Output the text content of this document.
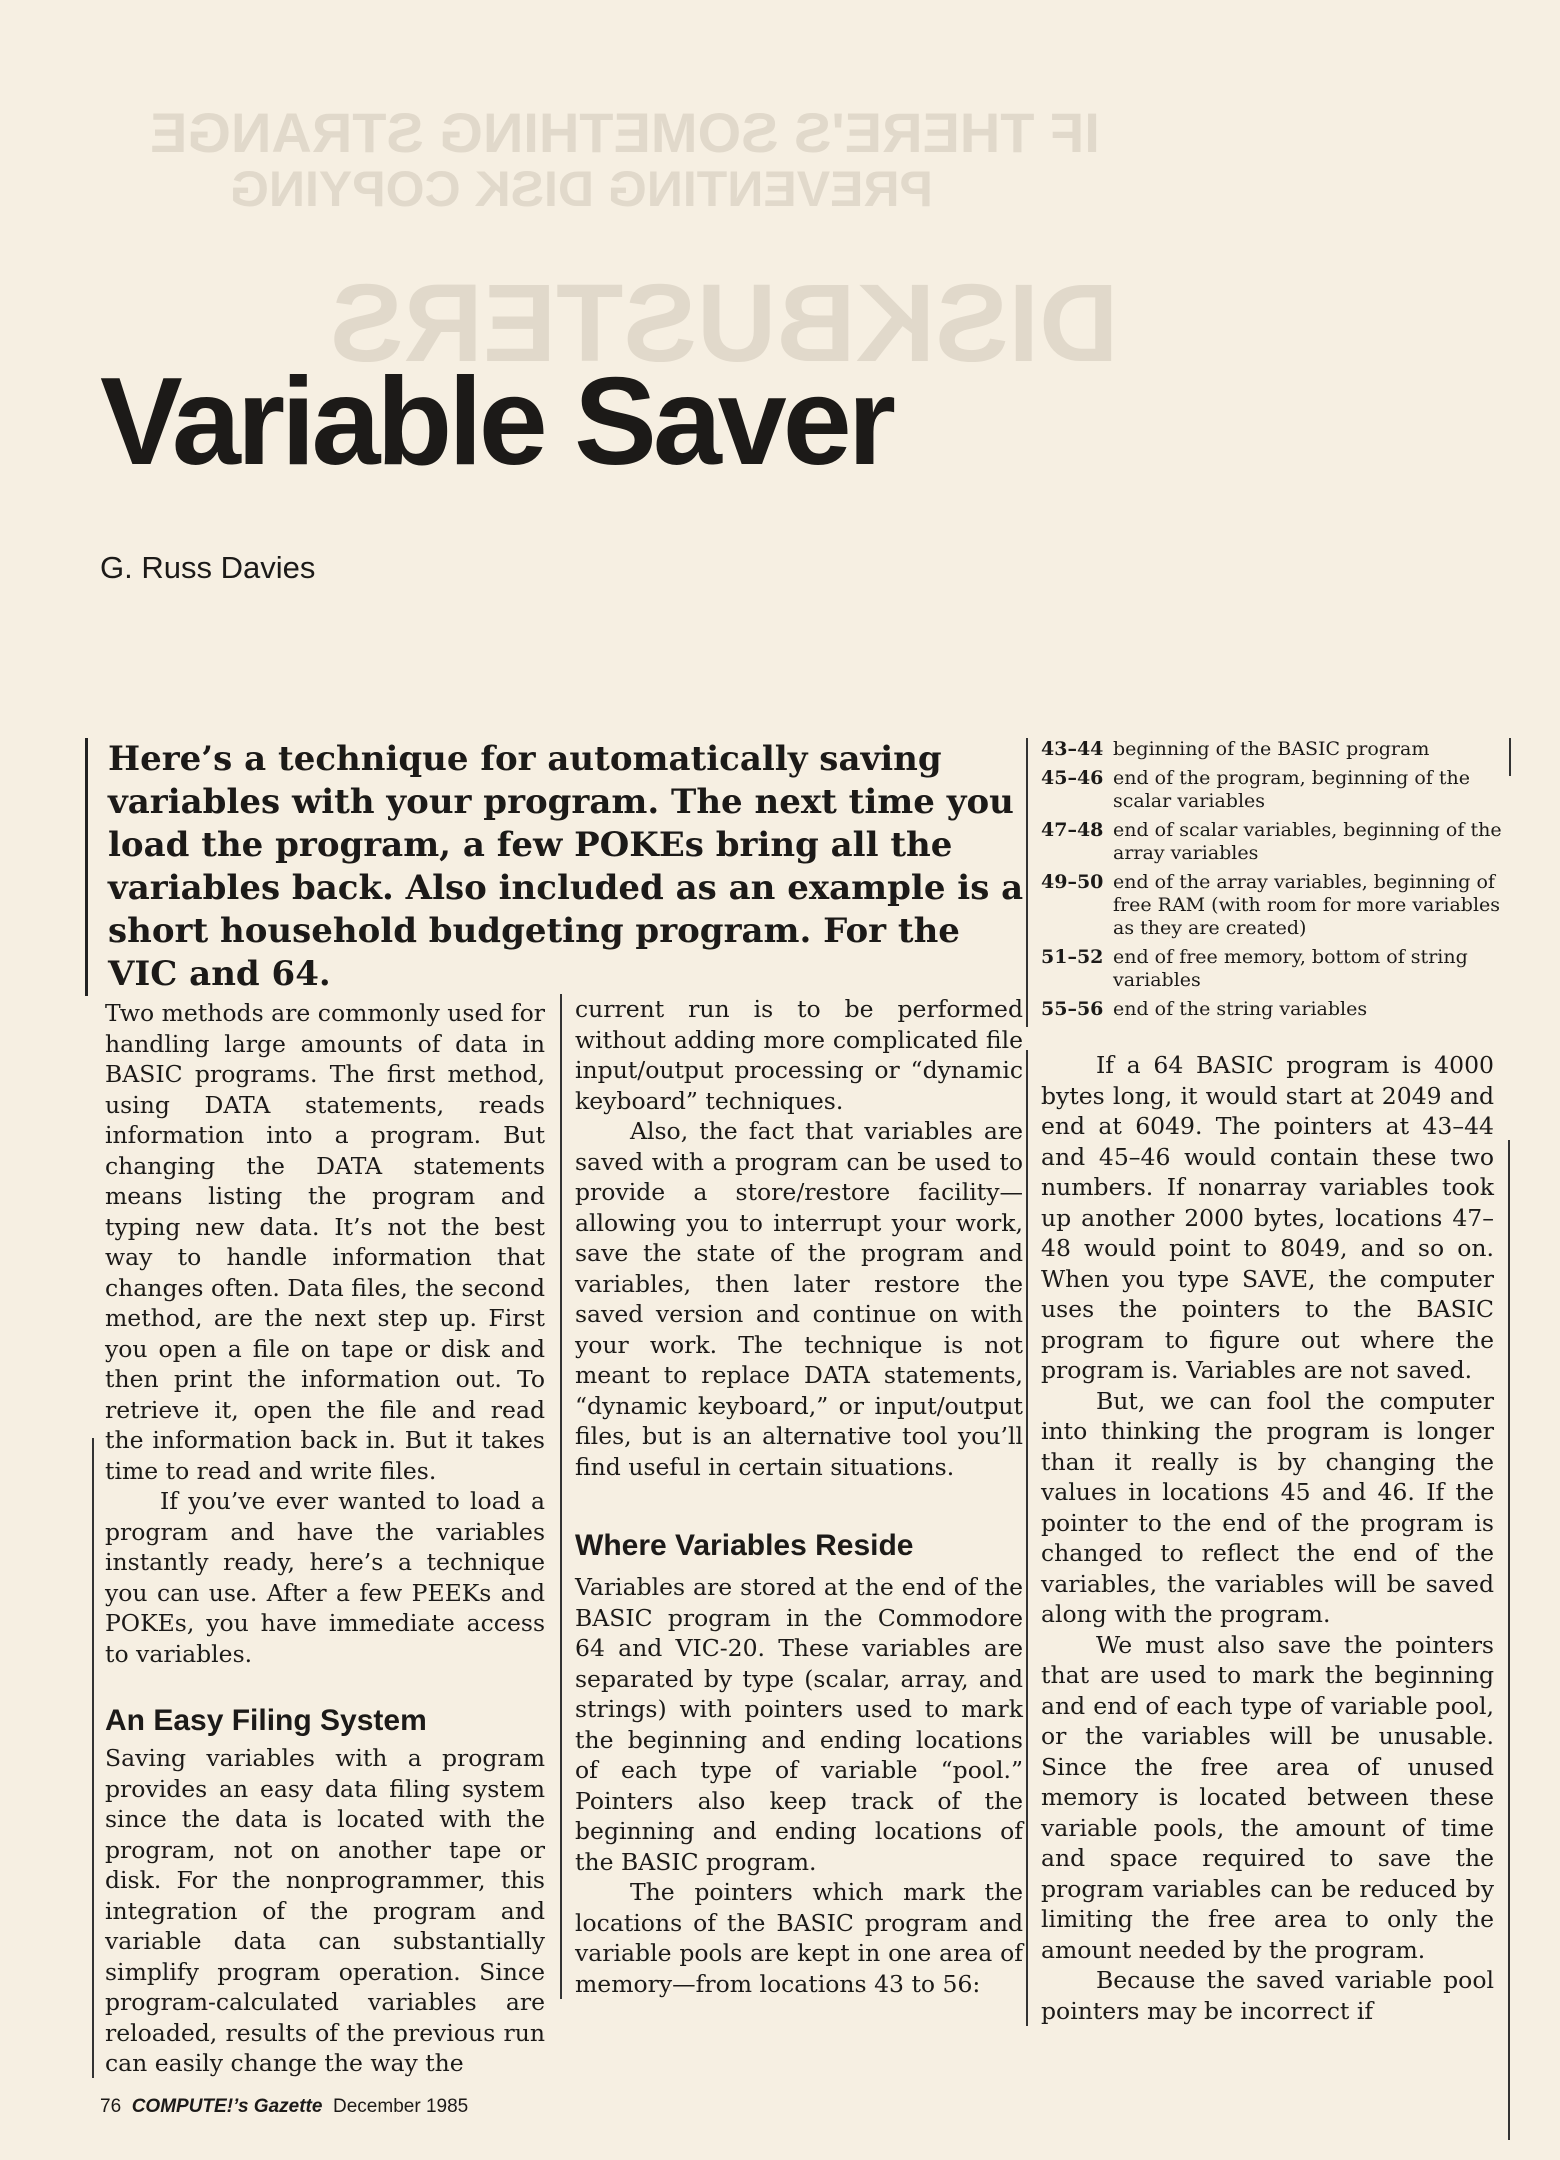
IF THERE'S SOMETHING STRANGE
PREVENTING DISK COPYING
DISKBUSTERS
Variable Saver

G. Russ Davies

Here’s a technique for automatically saving variables with your program. The next time you load the program, a few POKEs bring all the variables back. Also included as an example is a short household budgeting program. For the VIC and 64.

43–44 beginning of the BASIC program
45–46 end of the program, beginning of the scalar variables
47–48 end of scalar variables, beginning of the array variables
49–50 end of the array variables, beginning of free RAM (with room for more variables as they are created)
51–52 end of free memory, bottom of string variables
55–56 end of the string variables

Two methods are commonly used for handling large amounts of data in BASIC programs. The first method, using DATA statements, reads information into a program. But changing the DATA statements means listing the program and typing new data. It’s not the best way to handle information that changes often. Data files, the second method, are the next step up. First you open a file on tape or disk and then print the information out. To retrieve it, open the file and read the information back in. But it takes time to read and write files.

If you’ve ever wanted to load a program and have the variables instantly ready, here’s a technique you can use. After a few PEEKs and POKEs, you have immediate access to variables.

An Easy Filing System

Saving variables with a program provides an easy data filing system since the data is located with the program, not on another tape or disk. For the nonprogrammer, this integration of the program and variable data can substantially simplify program operation. Since program-calculated variables are reloaded, results of the previous run can easily change the way the

current run is to be performed without adding more complicated file input/output processing or “dynamic keyboard” techniques.

Also, the fact that variables are saved with a program can be used to provide a store/restore facility—allowing you to interrupt your work, save the state of the program and variables, then later restore the saved version and continue on with your work. The technique is not meant to replace DATA statements, “dynamic keyboard,” or input/output files, but is an alternative tool you’ll find useful in certain situations.

Where Variables Reside

Variables are stored at the end of the BASIC program in the Commodore 64 and VIC-20. These variables are separated by type (scalar, array, and strings) with pointers used to mark the beginning and ending locations of each type of variable “pool.” Pointers also keep track of the beginning and ending locations of the BASIC program.

The pointers which mark the locations of the BASIC program and variable pools are kept in one area of memory—from locations 43 to 56:

If a 64 BASIC program is 4000 bytes long, it would start at 2049 and end at 6049. The pointers at 43–44 and 45–46 would contain these two numbers. If nonarray variables took up another 2000 bytes, locations 47–48 would point to 8049, and so on. When you type SAVE, the computer uses the pointers to the BASIC program to figure out where the program is. Variables are not saved.

But, we can fool the computer into thinking the program is longer than it really is by changing the values in locations 45 and 46. If the pointer to the end of the program is changed to reflect the end of the variables, the variables will be saved along with the program.

We must also save the pointers that are used to mark the beginning and end of each type of variable pool, or the variables will be unusable. Since the free area of unused memory is located between these variable pools, the amount of time and space required to save the program variables can be reduced by limiting the free area to only the amount needed by the program.

Because the saved variable pool pointers may be incorrect if

76 COMPUTE!’s Gazette December 1985
